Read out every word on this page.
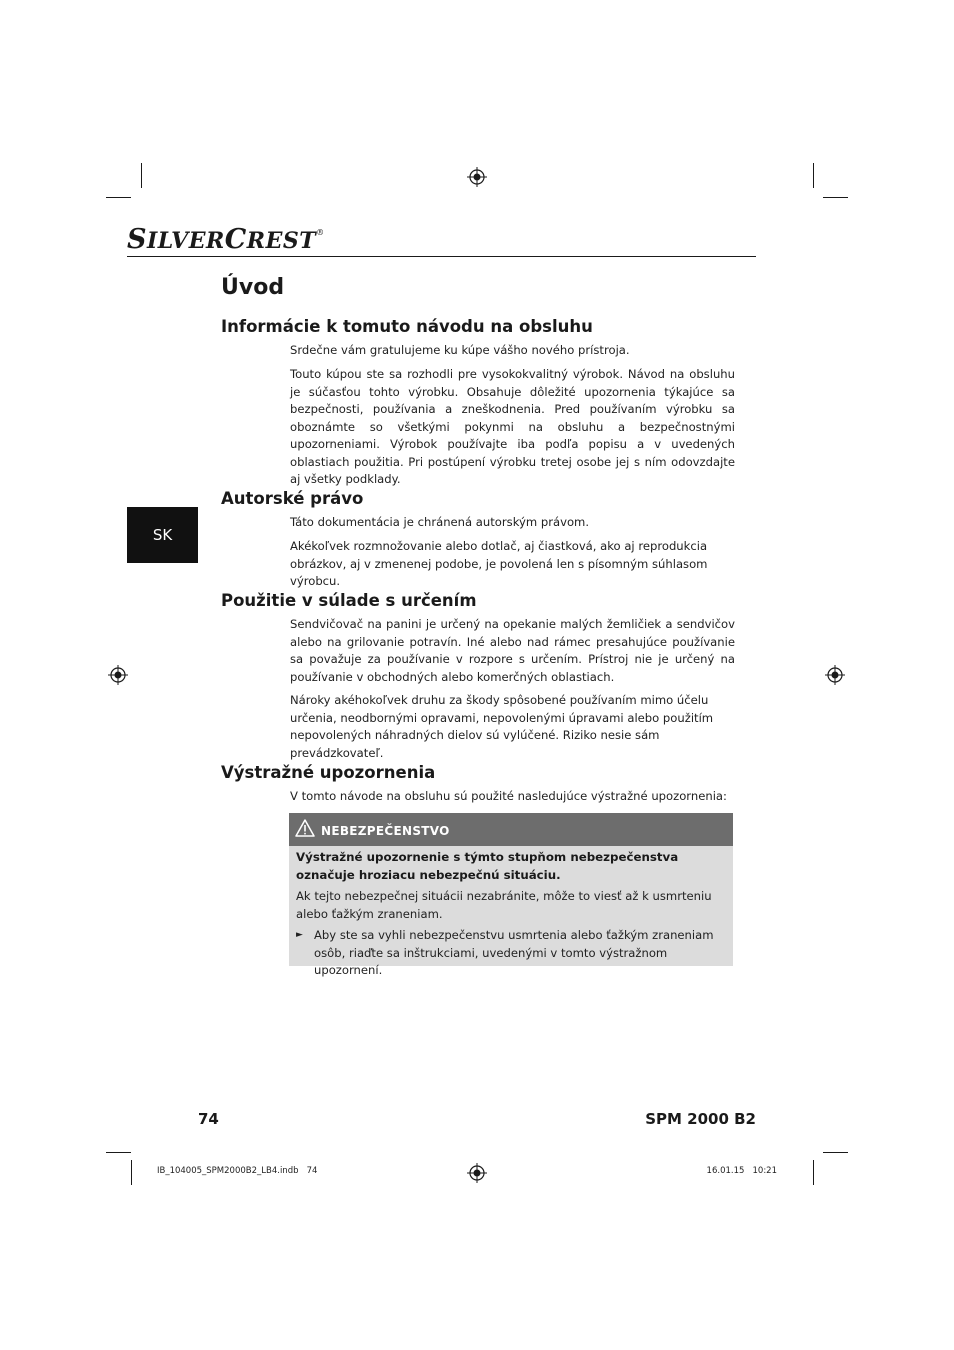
SILVERCREST®
SK
Úvod
Informácie k tomuto návodu na obsluhu

Srdečne vám gratulujeme ku kúpe vášho nového prístroja.

Touto kúpou ste sa rozhodli pre vysokokvalitný výrobok. Návod na obsluhu je súčasťou tohto výrobku. Obsahuje dôležité upozornenia týkajúce sa bezpečnosti, používania a zneškodnenia. Pred používaním výrobku sa oboznámte so všetkými pokynmi na obsluhu a bezpečnostnými upozorneniami. Výrobok používajte iba podľa popisu a v uvedených oblastiach použitia. Pri postúpení výrobku tretej osobe jej s ním odovzdajte aj všetky podklady.

Autorské právo

Táto dokumentácia je chránená autorským právom.

Akékoľvek rozmnožovanie alebo dotlač, aj čiastková, ako aj reprodukcia obrázkov, aj v zmenenej podobe, je povolená len s písomným súhlasom výrobcu.

Použitie v súlade s určením

Sendvičovač na panini je určený na opekanie malých žemličiek a sendvičov alebo na grilovanie potravín. Iné alebo nad rámec presahujúce používanie sa považuje za používanie v rozpore s určením. Prístroj nie je určený na používanie v obchodných alebo komerčných oblastiach.

Nároky akéhokoľvek druhu za škody spôsobené používaním mimo účelu určenia, neodbornými opravami, nepovolenými úpravami alebo použitím nepovolených náhradných dielov sú vylúčené. Riziko nesie sám prevádzkovateľ.

Výstražné upozornenia

V tomto návode na obsluhu sú použité nasledujúce výstražné upozornenia:

NEBEZPEČENSTVO

Výstražné upozornenie s týmto stupňom nebezpečenstva označuje hroziacu nebezpečnú situáciu.

Ak tejto nebezpečnej situácii nezabránite, môže to viesť až k usmrteniu alebo ťažkým zraneniam.

► Aby ste sa vyhli nebezpečenstvu usmrtenia alebo ťažkým zraneniam osôb, riaďte sa inštrukciami, uvedenými v tomto výstražnom upozornení.

74	SPM 2000 B2
IB_104005_SPM2000B2_LB4.indb   74	16.01.15   10:21
